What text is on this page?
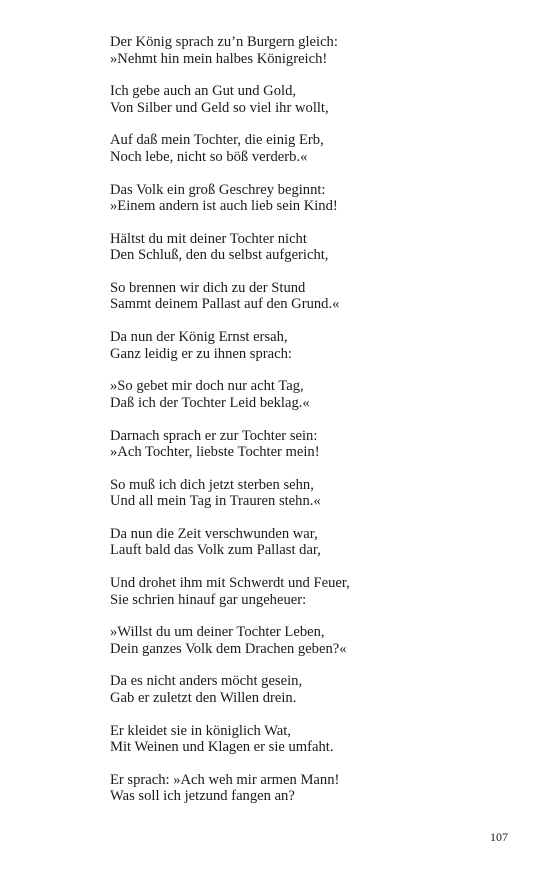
Der König sprach zu’n Burgern gleich:
»Nehmt hin mein halbes Königreich!
Ich gebe auch an Gut und Gold,
Von Silber und Geld so viel ihr wollt,
Auf daß mein Tochter, die einig Erb,
Noch lebe, nicht so böß verderb.«
Das Volk ein groß Geschrey beginnt:
»Einem andern ist auch lieb sein Kind!
Hältst du mit deiner Tochter nicht
Den Schluß, den du selbst aufgericht,
So brennen wir dich zu der Stund
Sammt deinem Pallast auf den Grund.«
Da nun der König Ernst ersah,
Ganz leidig er zu ihnen sprach:
»So gebet mir doch nur acht Tag,
Daß ich der Tochter Leid beklag.«
Darnach sprach er zur Tochter sein:
»Ach Tochter, liebste Tochter mein!
So muß ich dich jetzt sterben sehn,
Und all mein Tag in Trauren stehn.«
Da nun die Zeit verschwunden war,
Lauft bald das Volk zum Pallast dar,
Und drohet ihm mit Schwerdt und Feuer,
Sie schrien hinauf gar ungeheuer:
»Willst du um deiner Tochter Leben,
Dein ganzes Volk dem Drachen geben?«
Da es nicht anders möcht gesein,
Gab er zuletzt den Willen drein.
Er kleidet sie in königlich Wat,
Mit Weinen und Klagen er sie umfaht.
Er sprach: »Ach weh mir armen Mann!
Was soll ich jetzund fangen an?
107
